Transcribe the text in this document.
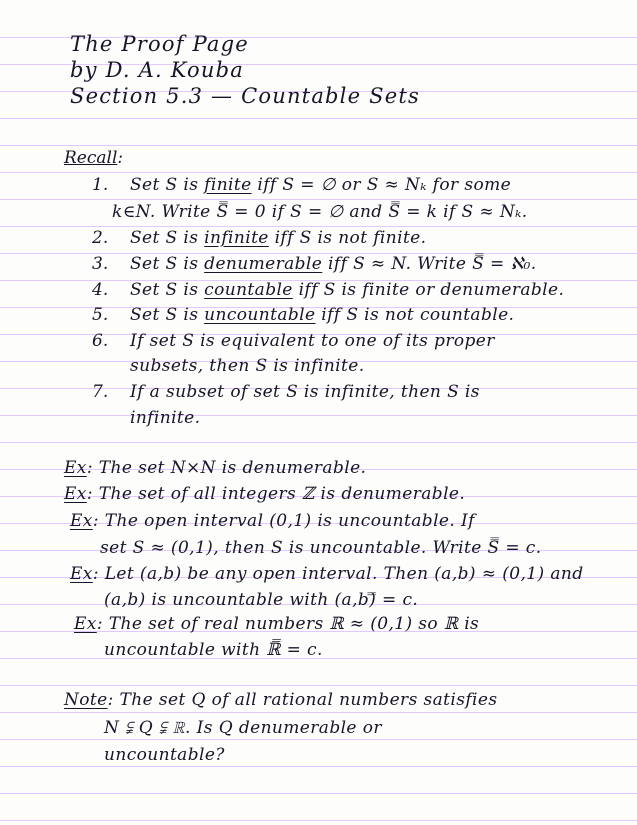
The Proof Page
by D. A. Kouba
Section 5.3 — Countable Sets
Recall:
1. Set S is finite iff S = ∅ or S ≈ Nₖ for some
k∈N. Write S̿ = 0 if S = ∅ and S̿ = k if S ≈ Nₖ.
2. Set S is infinite iff S is not finite.
3. Set S is denumerable iff S ≈ N. Write S̿ = ℵ₀.
4. Set S is countable iff S is finite or denumerable.
5. Set S is uncountable iff S is not countable.
6. If set S is equivalent to one of its proper
subsets, then S is infinite.
7. If a subset of set S is infinite, then S is
infinite.
Ex: The set N×N is denumerable.
Ex: The set of all integers ℤ is denumerable.
Ex: The open interval (0,1) is uncountable. If
set S ≈ (0,1), then S is uncountable. Write S̿ = c.
Ex: Let (a,b) be any open interval. Then (a,b) ≈ (0,1) and
(a,b) is uncountable with (a,b)̿ = c.
Ex: The set of real numbers ℝ ≈ (0,1) so ℝ is
uncountable with ℝ̿ = c.
Note: The set Q of all rational numbers satisfies
N ⫋ Q ⫋ ℝ. Is Q denumerable or
uncountable?
